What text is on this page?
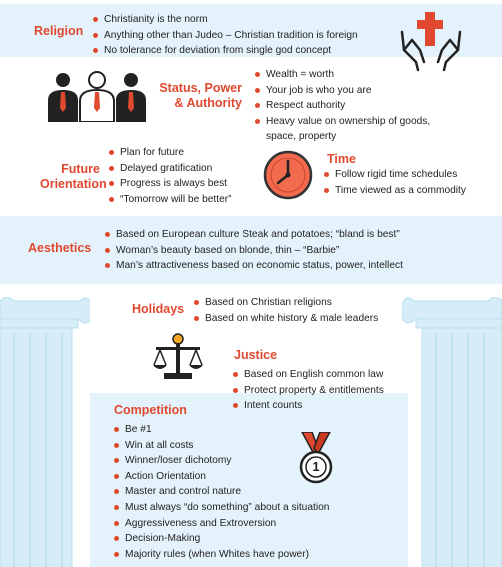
Religion
Christianity is the norm
Anything other than Judeo – Christian tradition is foreign
No tolerance for deviation from single god concept
Status, Power
& Authority
Wealth = worth
Your job is who you are
Respect authority
Heavy value on ownership of goods,
space, property
Future
Orientation
Plan for future
Delayed gratification
Progress is always best
“Tomorrow will be better”
Time
Follow rigid time schedules
Time viewed as a commodity
Aesthetics
Based on European culture Steak and potatoes; “bland is best”
Woman’s beauty based on blonde, thin – “Barbie”
Man’s attractiveness based on economic status, power, intellect
Holidays	Based on Christian religions
Based on white history & male leaders
Justice
Based on English common law
Protect property & entitlements
Intent counts
Competition
Be #1
Win at all costs
Winner/loser dichotomy
Action Orientation
Master and control nature
Must always “do something” about a situation
Aggressiveness and Extroversion
Decision-Making
Majority rules (when Whites have power)
1
